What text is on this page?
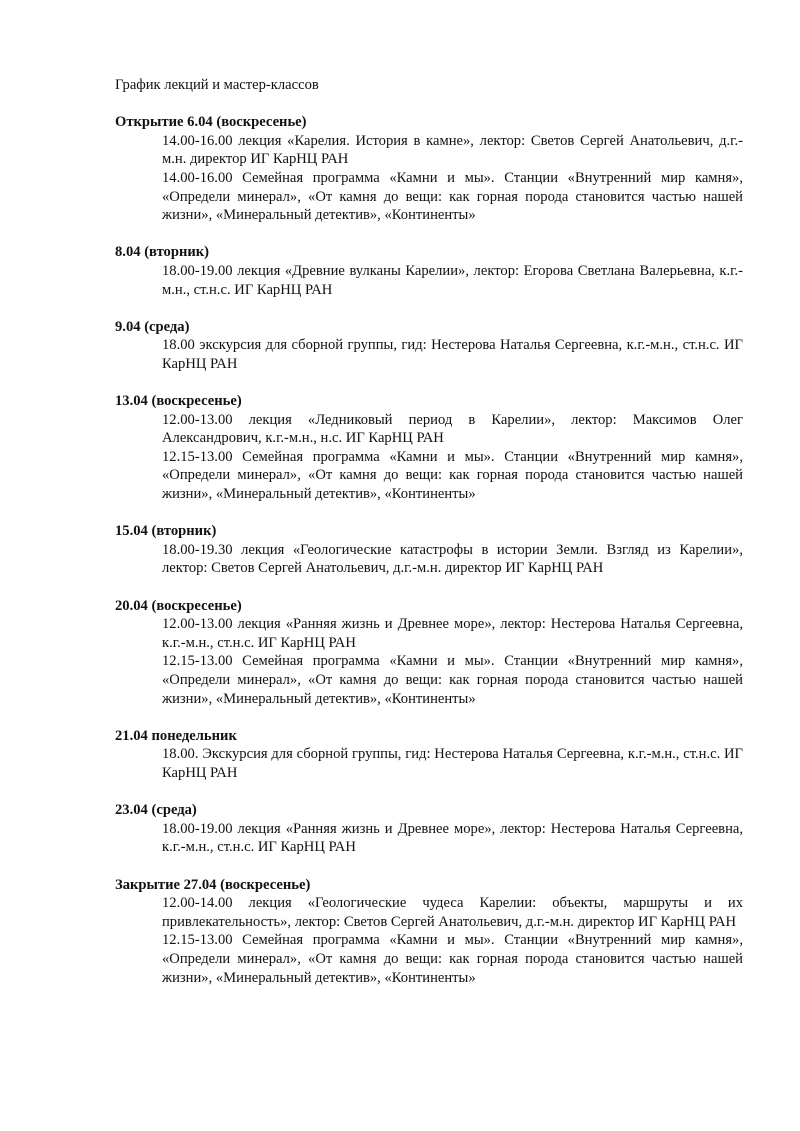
График лекций и мастер-классов
Открытие 6.04 (воскресенье)
14.00-16.00 лекция «Карелия. История в камне», лектор: Светов Сергей Анатольевич, д.г.-м.н. директор ИГ КарНЦ РАН
14.00-16.00 Семейная программа «Камни и мы». Станции «Внутренний мир камня», «Определи минерал», «От камня до вещи: как горная порода становится частью нашей жизни», «Минеральный детектив», «Континенты»
8.04 (вторник)
18.00-19.00 лекция «Древние вулканы Карелии», лектор: Егорова Светлана Валерьевна, к.г.-м.н., ст.н.с. ИГ КарНЦ РАН
9.04 (среда)
18.00 экскурсия для сборной группы, гид: Нестерова Наталья Сергеевна, к.г.-м.н., ст.н.с. ИГ КарНЦ РАН
13.04 (воскресенье)
12.00-13.00 лекция «Ледниковый период в Карелии», лектор: Максимов Олег Александрович, к.г.-м.н., н.с. ИГ КарНЦ РАН
12.15-13.00 Семейная программа «Камни и мы». Станции «Внутренний мир камня», «Определи минерал», «От камня до вещи: как горная порода становится частью нашей жизни», «Минеральный детектив», «Континенты»
15.04 (вторник)
18.00-19.30 лекция «Геологические катастрофы в истории Земли. Взгляд из Карелии», лектор: Светов Сергей Анатольевич, д.г.-м.н. директор ИГ КарНЦ РАН
20.04 (воскресенье)
12.00-13.00 лекция «Ранняя жизнь и Древнее море», лектор: Нестерова Наталья Сергеевна, к.г.-м.н., ст.н.с. ИГ КарНЦ РАН
12.15-13.00 Семейная программа «Камни и мы». Станции «Внутренний мир камня», «Определи минерал», «От камня до вещи: как горная порода становится частью нашей жизни», «Минеральный детектив», «Континенты»
21.04 понедельник
18.00. Экскурсия для сборной группы, гид: Нестерова Наталья Сергеевна, к.г.-м.н., ст.н.с. ИГ КарНЦ РАН
23.04 (среда)
18.00-19.00 лекция «Ранняя жизнь и Древнее море», лектор: Нестерова Наталья Сергеевна, к.г.-м.н., ст.н.с. ИГ КарНЦ РАН
Закрытие 27.04 (воскресенье)
12.00-14.00 лекция «Геологические чудеса Карелии: объекты, маршруты и их привлекательность», лектор: Светов Сергей Анатольевич, д.г.-м.н. директор ИГ КарНЦ РАН
12.15-13.00 Семейная программа «Камни и мы». Станции «Внутренний мир камня», «Определи минерал», «От камня до вещи: как горная порода становится частью нашей жизни», «Минеральный детектив», «Континенты»
